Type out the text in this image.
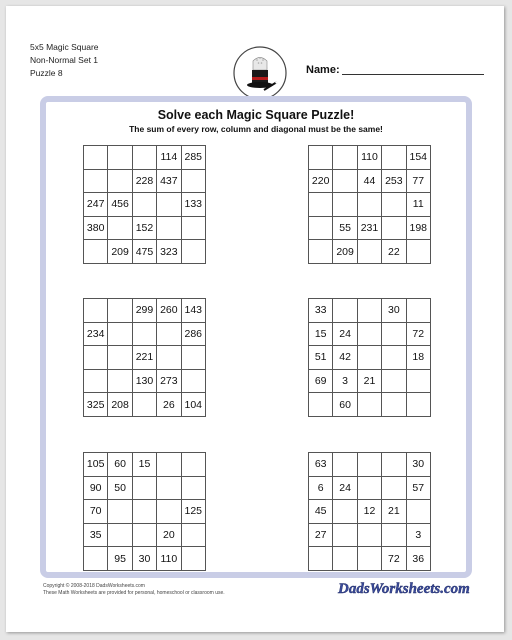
5x5 Magic Square
Non-Normal Set 1
Puzzle 8	Name:
Solve each Magic Square Puzzle!
The sum of every row, column and diagonal must be the same!
			114	285
		228	437	
247	456			133
380		152		
	209	475	323	
		110		154
220		44	253	77
				11
	55	231		198
	209		22	
		299	260	143
234				286
		221		
		130	273	
325	208		26	104
33			30	
15	24			72
51	42			18
69	3	21		
	60			
105	60	15		
90	50			
70				125
35			20	
	95	30	110	
63				30
6	24			57
45		12	21	
27				3
			72	36
Copyright © 2008-2018 DadsWorksheets.com
These Math Worksheets are provided for personal, homeschool or classroom use.	DadsWorksheets.com
